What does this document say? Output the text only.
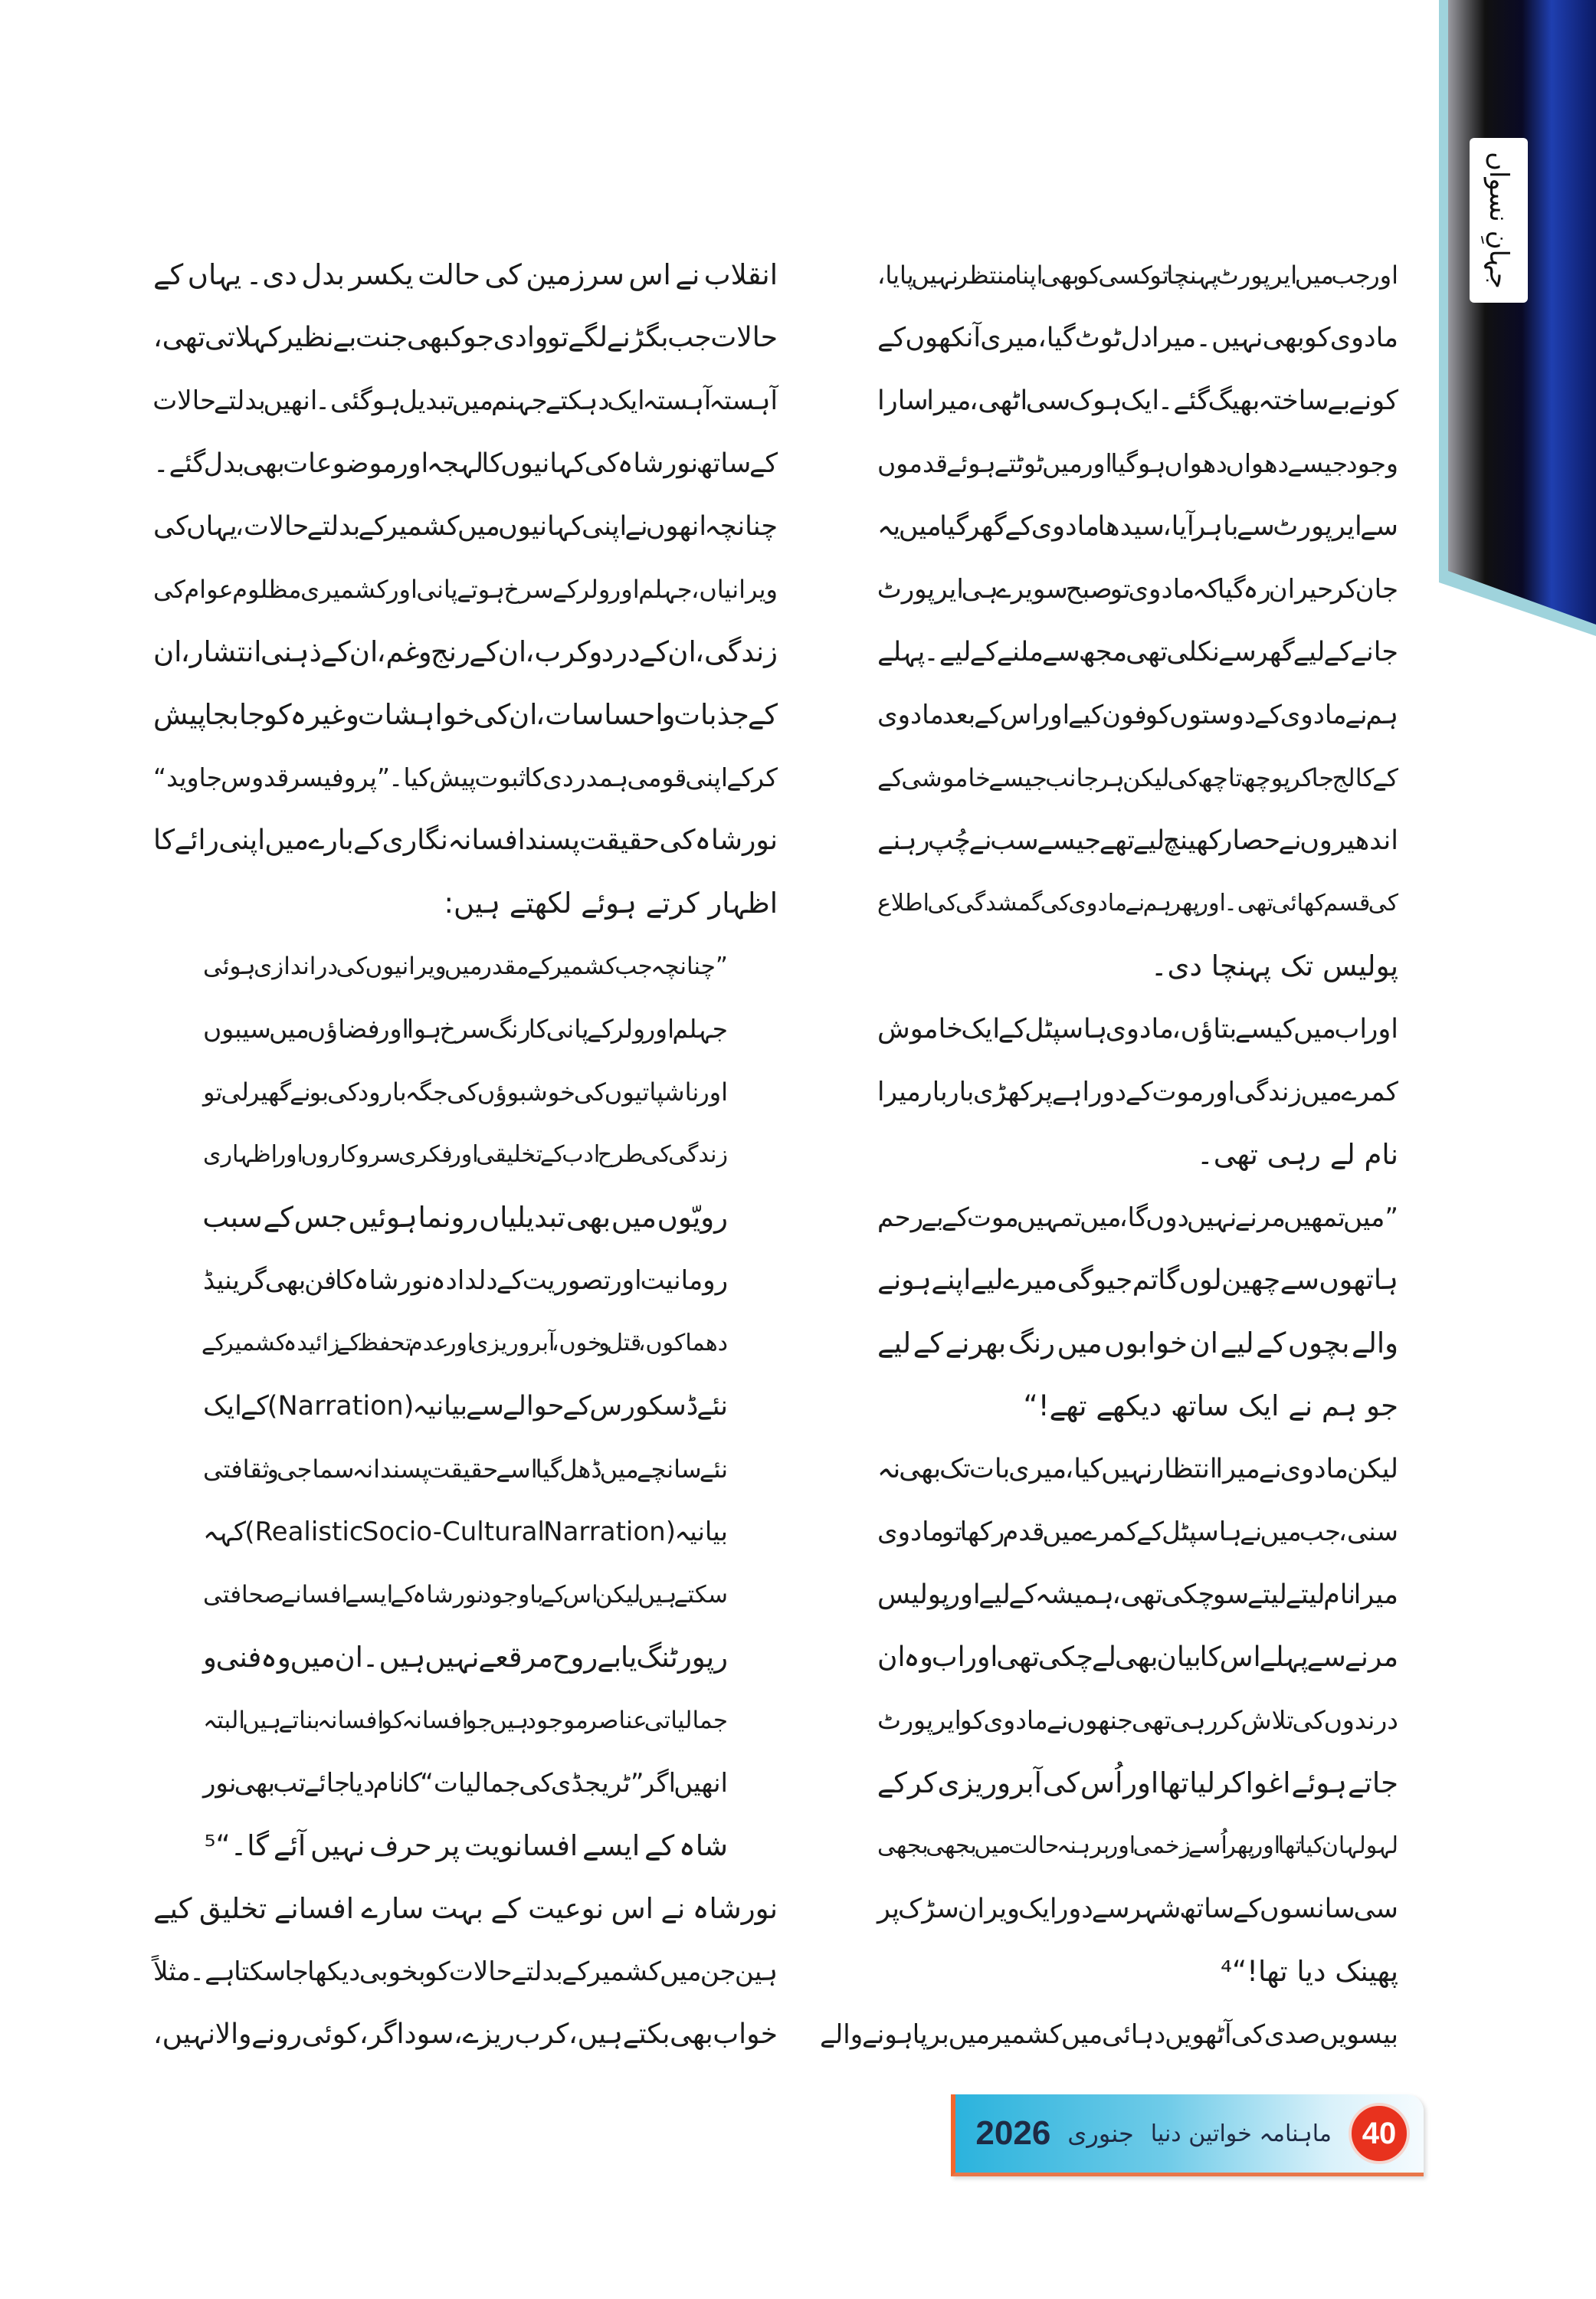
جہانِ نسواں
اور جب میں ایرپورٹ پہنچا تو کسی کو بھی اپنا منتظر نہیں پایا،
مادوی کو بھی نہیں۔ میرا دل ٹوٹ گیا، میری آنکھوں کے
کونے بے ساختہ بھیگ گئے۔ ایک ہوک سی اٹھی، میرا سارا
وجود جیسے دھواں دھواں ہوگیا اور میں ٹوٹتے ہوئے قدموں
سے ایرپورٹ سے باہر آیا، سیدھا مادوی کے گھر گیا میں یہ
جان کر حیران رہ گیا کہ مادوی تو صبح سویرے ہی ایرپورٹ
جانے کے لیے گھر سے نکلی تھی مجھ سے ملنے کے لیے۔ پہلے
ہم نے مادوی کے دوستوں کو فون کیے اور اس کے بعد مادوی
کے کالج جا کر پوچھ تاچھ کی لیکن ہر جانب جیسے خاموشی کے
اندھیروں نے حصار کھینچ لیے تھے جیسے سب نے چُپ رہنے
کی قسم کھائی تھی۔ اور پھر ہم نے مادوی کی گمشدگی کی اطلاع
پولیس تک پہنچا دی۔
اور اب میں کیسے بتاؤں، مادوی ہاسپٹل کے ایک خاموش
کمرے میں زندگی اور موت کے دوراہے پر کھڑی بار بار میرا
نام لے رہی تھی۔
”میں تمھیں مرنے نہیں دوں گا، میں تمہیں موت کے بے رحم
ہاتھوں سے چھین لوں گا تم جیوگی میرے لیے اپنے ہونے
والے بچوں کے لیے ان خوابوں میں رنگ بھرنے کے لیے
جو ہم نے ایک ساتھ دیکھے تھے!“
لیکن مادوی نے میرا انتظار نہیں کیا، میری بات تک بھی نہ
سنی، جب میں نے ہاسپٹل کے کمرے میں قدم رکھا تو مادوی
میرا نام لیتے لیتے سو چکی تھی، ہمیشہ کے لیے اور پولیس
مرنے سے پہلے اس کا بیان بھی لے چکی تھی اور اب وہ ان
درندوں کی تلاش کر رہی تھی جنھوں نے مادوی کو ایرپورٹ
جاتے ہوئے اغوا کر لیا تھا اور اُس کی آبروریزی کر کے
لہولہان کیا تھا اور پھر اُسے زخمی اور برہنہ حالت میں بجھی بجھی
سی سانسوں کے ساتھ شہر سے دور ایک ویران سڑک پر
پھینک دیا تھا!“⁴
بیسویں صدی کی آٹھویں دہائی میں کشمیر میں برپا ہونے والے
انقلاب نے اس سرزمین کی حالت یکسر بدل دی۔ یہاں کے
حالات جب بگڑنے لگے تو وادی جو کبھی جنت بے نظیر کہلاتی تھی،
آہستہ آہستہ ایک دہکتے جہنم میں تبدیل ہوگئی۔ انھیں بدلتے حالات
کے ساتھ نورشاہ کی کہانیوں کا لہجہ اور موضوعات بھی بدل گئے۔
چنانچہ انھوں نے اپنی کہانیوں میں کشمیر کے بدلتے حالات، یہاں کی
ویرانیاں، جہلم اور ولر کے سرخ ہوتے پانی اور کشمیری مظلوم عوام کی
زندگی، ان کے درد و کرب، ان کے رنج و غم، ان کے ذہنی انتشار، ان
کے جذبات و احساسات، ان کی خواہشات وغیرہ کو جابجا پیش
کر کے اپنی قومی ہمدردی کا ثبوت پیش کیا۔ ”پروفیسر قدوس جاوید“
نورشاہ کی حقیقت پسند افسانہ نگاری کے بارے میں اپنی رائے کا
اظہار کرتے ہوئے لکھتے ہیں:
”چنانچہ جب کشمیر کے مقدر میں ویرانیوں کی دراندازی ہوئی
جہلم اور ولر کے پانی کا رنگ سرخ ہوا اور فضاؤں میں سیبوں
اور ناشپاتیوں کی خوشبوؤں کی جگہ بارود کی بو نے گھیر لی تو
زندگی کی طرح ادب کے تخلیقی اور فکری سروکاروں اور اظہاری
رویّوں میں بھی تبدیلیاں رونما ہوئیں جس کے سبب
رومانیت اور تصوریت کے دلدادہ نورشاہ کا فن بھی گرینیڈ
دھماکوں، قتل و خوں، آبروریزی اور عدم تحفظ کے زائیدہ کشمیر کے
نئے ڈسکورس کے حوالے سے بیانیہ (Narration) کے ایک
نئے سانچے میں ڈھل گیا اسے حقیقت پسندانہ سماجی و ثقافتی
بیانیہ (Realistic Socio-Cultural Narration) کہہ
سکتے ہیں لیکن اس کے باوجود نورشاہ کے ایسے افسانے صحافتی
رپورٹنگ یا بے روح مرقعے نہیں ہیں۔ ان میں وہ فنی و
جمالیاتی عناصر موجود ہیں جو افسانہ کو افسانہ بناتے ہیں البتہ
انھیں اگر ”ٹریجڈی کی جمالیات“ کا نام دیا جائے تب بھی نور
شاہ کے ایسے افسانویت پر حرف نہیں آئے گا۔“⁵
نورشاہ نے اس نوعیت کے بہت سارے افسانے تخلیق کیے
ہین جن میں کشمیر کے بدلتے حالات کو بخوبی دیکھا جا سکتا ہے۔ مثلاً
خواب بھی بکتے ہیں، کرب ریزے، سوداگر، کوئی رونے والا نہیں،
40
ماہنامہ خواتین دنیا
جنوری
2026
